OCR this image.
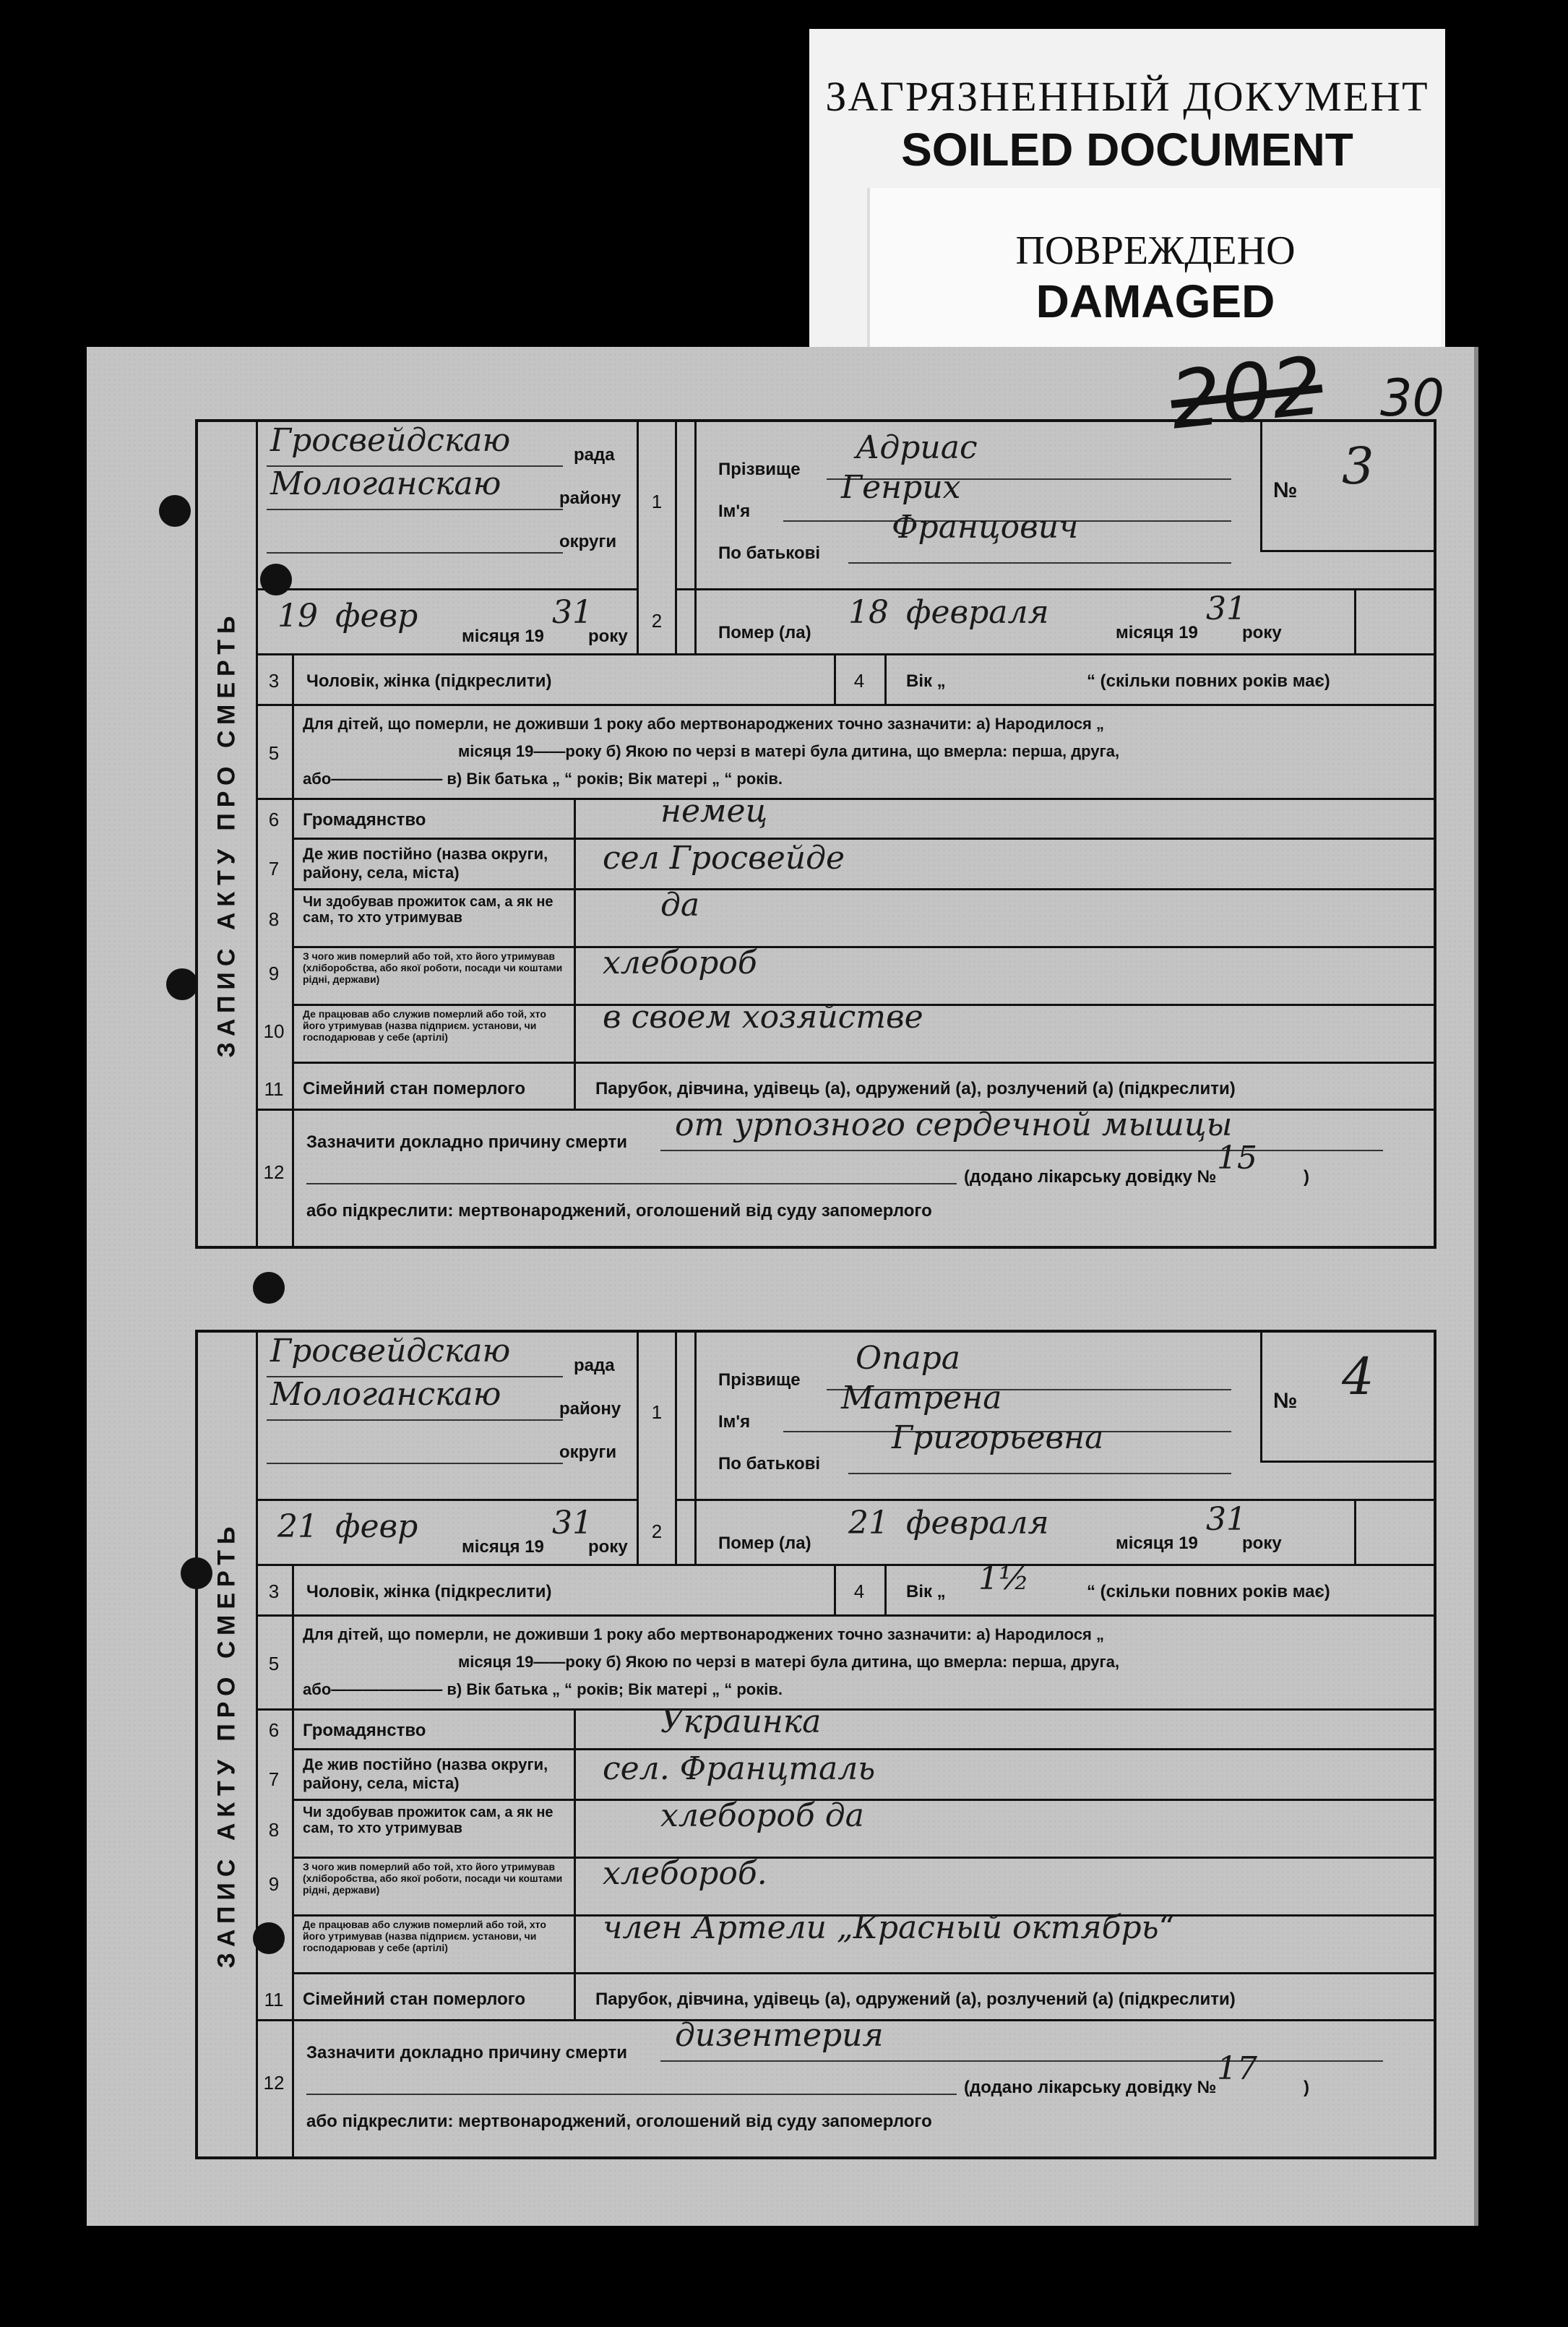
ЗАГРЯЗНЕННЫЙ ДОКУМЕНТ
SOILED DOCUMENT
ПОВРЕЖДЕНО
DAMAGED
202 30
ЗАПИС АКТУ ПРО СМЕРТЬ
Гросвейдскаю	рада
Мологанскаю	району
округи
1
Прізвище
Адриас
Ім'я
Генрих
По батькові
Францович
№ 3
19 февр
місяця 19
31
року
2
Помер (ла)
18 февраля
місяця 19
31
року
3	Чоловік, жінка (підкреслити)	4	Вік „	“ (скільки повних років має)
5
Для дітей, що померли, не доживши 1 року або мертвонароджених точно зазначити: а) Народилося „
місяця 19——року б) Якою по черзі в матері була дитина, що вмерла: перша, друга,
або——————— в) Вік батька „ “ років; Вік матері „ “ років.
6	Громадянство	немец
7
Де жив постійно (назва округи, району, села, міста)	сел Гросвейде
8
Чи здобував прожиток сам, а як не сам, то хто утримував	да
9
З чого жив померлий або той, хто його утримував (хліборобства, або якої роботи, посади чи коштами рідні, держави)	хлебороб
10
Де працював або служив померлий або той, хто його утримував (назва підприєм. установи, чи господарював у себе (артілі)
в своем хозяйстве
11	Сімейний стан померлого	Парубок, дівчина, удівець (а), одружений (а), розлучений (а) (підкреслити)
12
Зазначити докладно причину смерти от урпозного сердечной мышцы
(додано лікарську довідку №
15
)
або підкреслити: мертвонароджений, оголошений від суду запомерлого
ЗАПИС АКТУ ПРО СМЕРТЬ
Гросвейдскаю	рада
Мологанскаю	району
округи
1
Прізвище
Опара
Ім'я
Матрена
По батькові
Григорьевна
№ 4
21 февр
місяця 19
31
року
2
Помер (ла)
21 февраля
місяця 19
31
року
3	Чоловік, жінка (підкреслити)	4	Вік „ 1½	“ (скільки повних років має)
5
Для дітей, що померли, не доживши 1 року або мертвонароджених точно зазначити: а) Народилося „
місяця 19——року б) Якою по черзі в матері була дитина, що вмерла: перша, друга,
або——————— в) Вік батька „ “ років; Вік матері „ “ років.
6	Громадянство	Украинка
7
Де жив постійно (назва округи, району, села, міста)	сел. Францталь
8
Чи здобував прожиток сам, а як не сам, то хто утримував	хлебороб да
9
З чого жив померлий або той, хто його утримував (хліборобства, або якої роботи, посади чи коштами рідні, держави)	хлебороб.
10
Де працював або служив померлий або той, хто його утримував (назва підприєм. установи, чи господарював у себе (артілі)
член Артели „Красный октябрь“
11	Сімейний стан померлого	Парубок, дівчина, удівець (а), одружений (а), розлучений (а) (підкреслити)
12
Зазначити докладно причину смерти дизентерия
(додано лікарську довідку №
17
)
або підкреслити: мертвонароджений, оголошений від суду запомерлого
